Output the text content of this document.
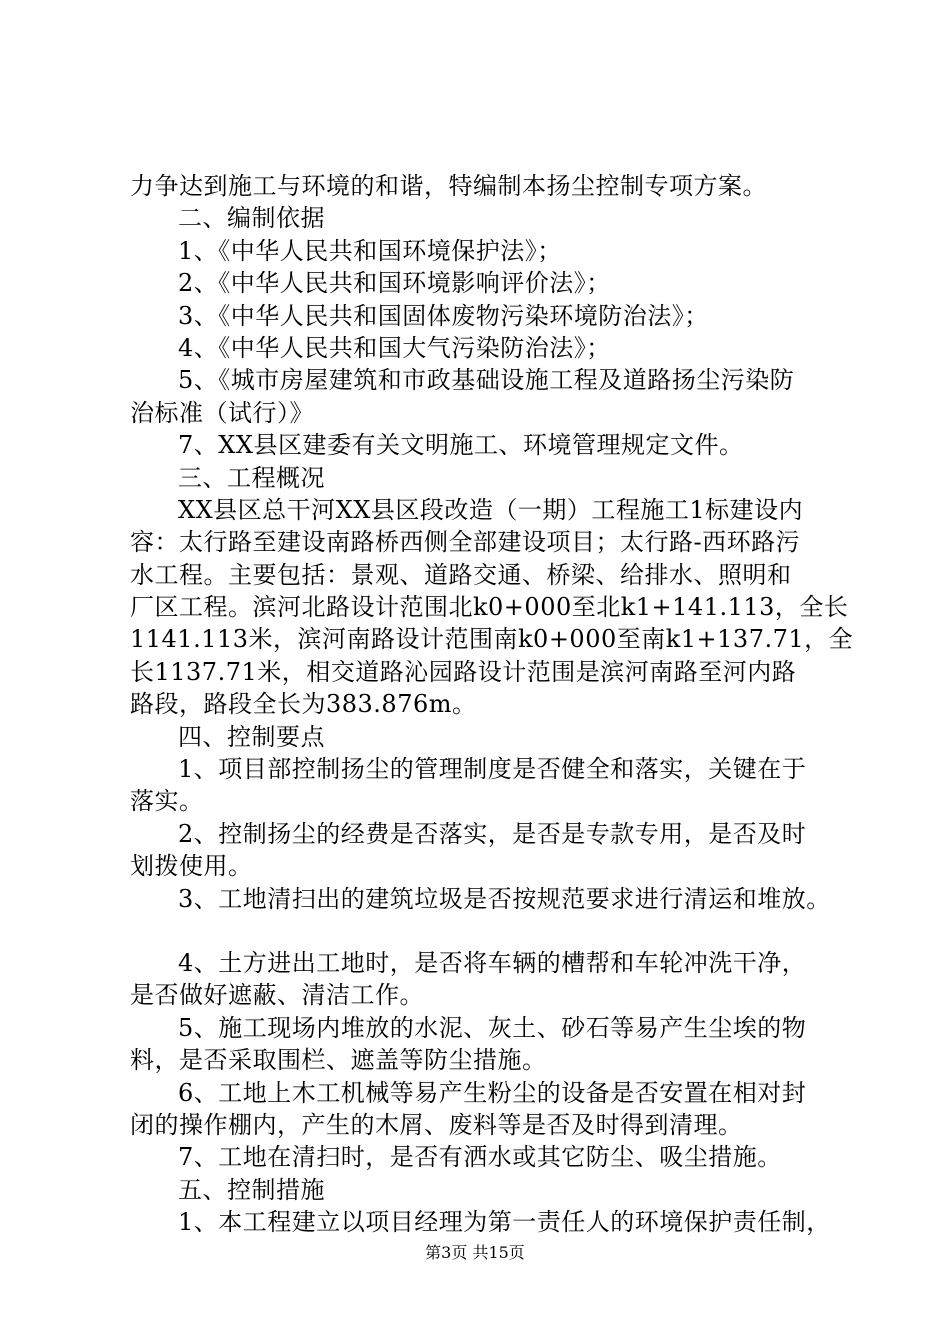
力争达到施工与环境的和谐，特编制本扬尘控制专项方案。
二、编制依据
1、《中华人民共和国环境保护法》；
2、《中华人民共和国环境影响评价法》；
3、《中华人民共和国固体废物污染环境防治法》；
4、《中华人民共和国大气污染防治法》；
5、《城市房屋建筑和市政基础设施工程及道路扬尘污染防
治标准（试行）》
7、XX县区建委有关文明施工、环境管理规定文件。
三、工程概况
XX县区总干河XX县区段改造（一期）工程施工1标建设内
容：太行路至建设南路桥西侧全部建设项目；太行路-西环路污
水工程。主要包括：景观、道路交通、桥梁、给排水、照明和
厂区工程。滨河北路设计范围北k0+000至北k1+141.113，全长
1141.113米，滨河南路设计范围南k0+000至南k1+137.71，全
长1137.71米，相交道路沁园路设计范围是滨河南路至河内路
路段，路段全长为383.876m。
四、控制要点
1、项目部控制扬尘的管理制度是否健全和落实，关键在于
落实。
2、控制扬尘的经费是否落实，是否是专款专用，是否及时
划拨使用。
3、工地清扫出的建筑垃圾是否按规范要求进行清运和堆放。
4、土方进出工地时，是否将车辆的槽帮和车轮冲洗干净，
是否做好遮蔽、清洁工作。
5、施工现场内堆放的水泥、灰土、砂石等易产生尘埃的物
料，是否采取围栏、遮盖等防尘措施。
6、工地上木工机械等易产生粉尘的设备是否安置在相对封
闭的操作棚内，产生的木屑、废料等是否及时得到清理。
7、工地在清扫时，是否有洒水或其它防尘、吸尘措施。
五、控制措施
1、本工程建立以项目经理为第一责任人的环境保护责任制，
第3页 共15页
